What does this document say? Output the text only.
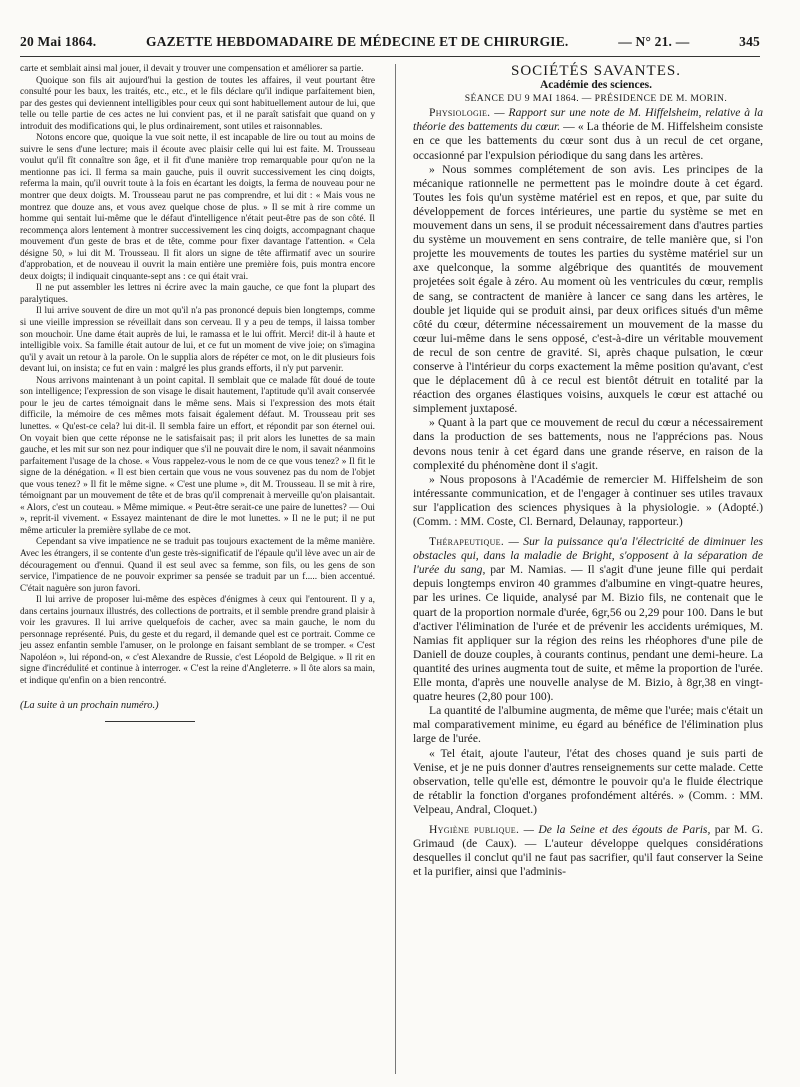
20 Mai 1864.	GAZETTE HEBDOMADAIRE DE MÉDECINE ET DE CHIRURGIE.	— N° 21. —	345

carte et semblait ainsi mal jouer, il devait y trouver une compensation et améliorer sa partie.

Quoique son fils ait aujourd'hui la gestion de toutes les affaires, il veut pourtant être consulté pour les baux, les traités, etc., etc., et le fils déclare qu'il indique parfaitement bien, par des gestes qui deviennent intelligibles pour ceux qui sont habituellement autour de lui, que telle ou telle partie de ces actes ne lui convient pas, et il ne paraît satisfait que quand on y introduit des modifications qui, le plus ordinairement, sont utiles et raisonnables.

Notons encore que, quoique la vue soit nette, il est incapable de lire ou tout au moins de suivre le sens d'une lecture; mais il écoute avec plaisir celle qui lui est faite. M. Trousseau voulut qu'il fît connaître son âge, et il fit d'une manière trop remarquable pour qu'on ne la mentionne pas ici. Il ferma sa main gauche, puis il ouvrit successivement les cinq doigts, referma la main, qu'il ouvrit toute à la fois en écartant les doigts, la ferma de nouveau pour ne montrer que deux doigts. M. Trousseau parut ne pas comprendre, et lui dit : « Mais vous ne montrez que douze ans, et vous avez quelque chose de plus. » Il se mit à rire comme un homme qui sentait lui-même que le défaut d'intelligence n'était peut-être pas de son côté. Il recommença alors lentement à montrer successivement les cinq doigts, accompagnant chaque mouvement d'un geste de bras et de tête, comme pour fixer davantage l'attention. « Cela désigne 50, » lui dit M. Trousseau. Il fit alors un signe de tête affirmatif avec un sourire d'approbation, et de nouveau il ouvrit la main entière une première fois, puis montra encore deux doigts; il indiquait cinquante-sept ans : ce qui était vrai.

Il ne put assembler les lettres ni écrire avec la main gauche, ce que font la plupart des paralytiques.

Il lui arrive souvent de dire un mot qu'il n'a pas prononcé depuis bien longtemps, comme si une vieille impression se réveillait dans son cerveau. Il y a peu de temps, il laissa tomber son mouchoir. Une dame était auprès de lui, le ramassa et le lui offrit. Merci! dit-il à haute et intelligible voix. Sa famille était autour de lui, et ce fut un moment de vive joie; on s'imagina qu'il y avait un retour à la parole. On le supplia alors de répéter ce mot, on le dit plusieurs fois devant lui, on insista; ce fut en vain : malgré les plus grands efforts, il n'y put parvenir.

Nous arrivons maintenant à un point capital. Il semblait que ce malade fût doué de toute son intelligence; l'expression de son visage le disait hautement, l'aptitude qu'il avait conservée pour le jeu de cartes témoignait dans le même sens. Mais si l'expression des mots était difficile, la mémoire de ces mêmes mots faisait également défaut. M. Trousseau prit ses lunettes. « Qu'est-ce cela? lui dit-il. Il sembla faire un effort, et répondit par son éternel oui. On voyait bien que cette réponse ne le satisfaisait pas; il prit alors les lunettes de sa main gauche, et les mit sur son nez pour indiquer que s'il ne pouvait dire le nom, il savait néanmoins parfaitement l'usage de la chose. « Vous rappelez-vous le nom de ce que vous tenez? » Il fit le signe de la dénégation. « Il est bien certain que vous ne vous souvenez pas du nom de l'objet que vous tenez? » Il fit le même signe. « C'est une plume », dit M. Trousseau. Il se mit à rire, témoignant par un mouvement de tête et de bras qu'il comprenait à merveille qu'on plaisantait. « Alors, c'est un couteau. » Même mimique. « Peut-être serait-ce une paire de lunettes? — Oui », reprit-il vivement. « Essayez maintenant de dire le mot lunettes. » Il ne le put; il ne put même articuler la première syllabe de ce mot.

Cependant sa vive impatience ne se traduit pas toujours exactement de la même manière. Avec les étrangers, il se contente d'un geste très-significatif de l'épaule qu'il lève avec un air de découragement ou d'ennui. Quand il est seul avec sa femme, son fils, ou les gens de son service, l'impatience de ne pouvoir exprimer sa pensée se traduit par un f..... bien accentué. C'était naguère son juron favori.

Il lui arrive de proposer lui-même des espèces d'énigmes à ceux qui l'entourent. Il y a, dans certains journaux illustrés, des collections de portraits, et il semble prendre grand plaisir à voir les gravures. Il lui arrive quelquefois de cacher, avec sa main gauche, le nom du personnage représenté. Puis, du geste et du regard, il demande quel est ce portrait. Comme ce jeu assez enfantin semble l'amuser, on le prolonge en faisant semblant de se tromper. « C'est Napoléon », lui répond-on, « c'est Alexandre de Russie, c'est Léopold de Belgique. » Il rit en signe d'incrédulité et continue à interroger. « C'est la reine d'Angleterre. » Il ôte alors sa main, et indique qu'enfin on a bien rencontré.

(La suite à un prochain numéro.)

SOCIÉTÉS SAVANTES.

Académie des sciences.

SÉANCE DU 9 MAI 1864. — PRÉSIDENCE DE M. MORIN.

Physiologie. — Rapport sur une note de M. Hiffelsheim, relative à la théorie des battements du cœur. — « La théorie de M. Hiffelsheim consiste en ce que les battements du cœur sont dus à un recul de cet organe, occasionné par l'expulsion périodique du sang dans les artères.

» Nous sommes complétement de son avis. Les principes de la mécanique rationnelle ne permettent pas le moindre doute à cet égard. Toutes les fois qu'un système matériel est en repos, et que, par suite du développement de forces intérieures, une partie du système se met en mouvement dans un sens, il se produit nécessairement dans d'autres parties du système un mouvement en sens contraire, de telle manière que, si l'on projette les mouvements de toutes les parties du système matériel sur un axe quelconque, la somme algébrique des quantités de mouvement projetées soit égale à zéro. Au moment où les ventricules du cœur, remplis de sang, se contractent de manière à lancer ce sang dans les artères, le double jet liquide qui se produit ainsi, par deux orifices situés d'un même côté du cœur, détermine nécessairement un mouvement de la masse du cœur lui-même dans le sens opposé, c'est-à-dire un véritable mouvement de recul de son centre de gravité. Si, après chaque pulsation, le cœur conserve à l'intérieur du corps exactement la même position qu'avant, c'est que le déplacement dû à ce recul est bientôt détruit en totalité par la réaction des organes élastiques voisins, auxquels le cœur est attaché ou simplement juxtaposé.

» Quant à la part que ce mouvement de recul du cœur a nécessairement dans la production de ses battements, nous ne l'apprécions pas. Nous devons nous tenir à cet égard dans une grande réserve, en raison de la complexité du phénomène dont il s'agit.

» Nous proposons à l'Académie de remercier M. Hiffelsheim de son intéressante communication, et de l'engager à continuer ses utiles travaux sur l'application des sciences physiques à la physiologie. » (Adopté.) (Comm. : MM. Coste, Cl. Bernard, Delaunay, rapporteur.)

Thérapeutique. — Sur la puissance qu'a l'électricité de diminuer les obstacles qui, dans la maladie de Bright, s'opposent à la séparation de l'urée du sang, par M. Namias. — Il s'agit d'une jeune fille qui perdait depuis longtemps environ 40 grammes d'albumine en vingt-quatre heures, par les urines. Ce liquide, analysé par M. Bizio fils, ne contenait que le quart de la proportion normale d'urée, 6gr,56 ou 2,29 pour 100. Dans le but d'activer l'élimination de l'urée et de prévenir les accidents urémiques, M. Namias fit appliquer sur la région des reins les rhéophores d'une pile de Daniell de douze couples, à courants continus, pendant une demi-heure. La quantité des urines augmenta tout de suite, et même la proportion de l'urée. Elle monta, d'après une nouvelle analyse de M. Bizio, à 8gr,38 en vingt-quatre heures (2,80 pour 100).

La quantité de l'albumine augmenta, de même que l'urée; mais c'était un mal comparativement minime, eu égard au bénéfice de l'élimination plus large de l'urée.

« Tel était, ajoute l'auteur, l'état des choses quand je suis parti de Venise, et je ne puis donner d'autres renseignements sur cette malade. Cette observation, telle qu'elle est, démontre le pouvoir qu'a le fluide électrique de rétablir la fonction d'organes profondément altérés. » (Comm. : MM. Velpeau, Andral, Cloquet.)

Hygiène publique. — De la Seine et des égouts de Paris, par M. G. Grimaud (de Caux). — L'auteur développe quelques considérations desquelles il conclut qu'il ne faut pas sacrifier, qu'il faut conserver la Seine et la purifier, ainsi que l'adminis-
